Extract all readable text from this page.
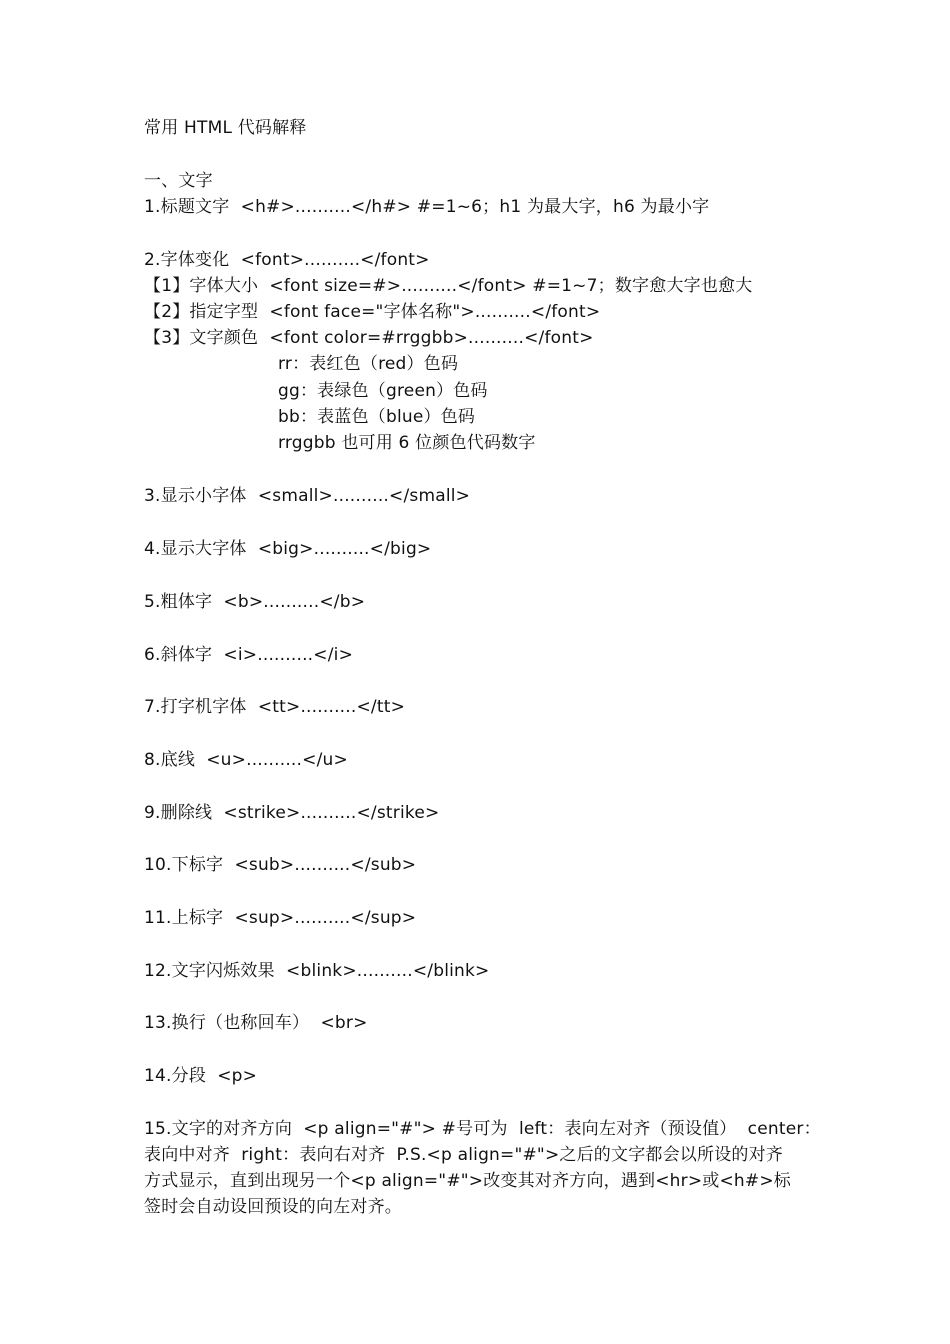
常用 HTML 代码解释
一、文字
1.标题文字  <h#>..........</h#> #=1~6；h1 为最大字，h6 为最小字
2.字体变化  <font>..........</font>
【1】字体大小  <font size=#>..........</font> #=1~7；数字愈大字也愈大
【2】指定字型  <font face="字体名称">..........</font>
【3】文字颜色  <font color=#rrggbb>..........</font>
rr：表红色（red）色码
gg：表绿色（green）色码
bb：表蓝色（blue）色码
rrggbb 也可用 6 位颜色代码数字
3.显示小字体  <small>..........</small>
4.显示大字体  <big>..........</big>
5.粗体字  <b>..........</b>
6.斜体字  <i>..........</i>
7.打字机字体  <tt>..........</tt>
8.底线  <u>..........</u>
9.删除线  <strike>..........</strike>
10.下标字  <sub>..........</sub>
11.上标字  <sup>..........</sup>
12.文字闪烁效果  <blink>..........</blink>
13.换行（也称回车）  <br>
14.分段  <p>
15.文字的对齐方向  <p align="#"> #号可为  left：表向左对齐（预设值）  center：
表向中对齐  right：表向右对齐  P.S.<p align="#">之后的文字都会以所设的对齐
方式显示，直到出现另一个<p align="#">改变其对齐方向，遇到<hr>或<h#>标
签时会自动设回预设的向左对齐。
